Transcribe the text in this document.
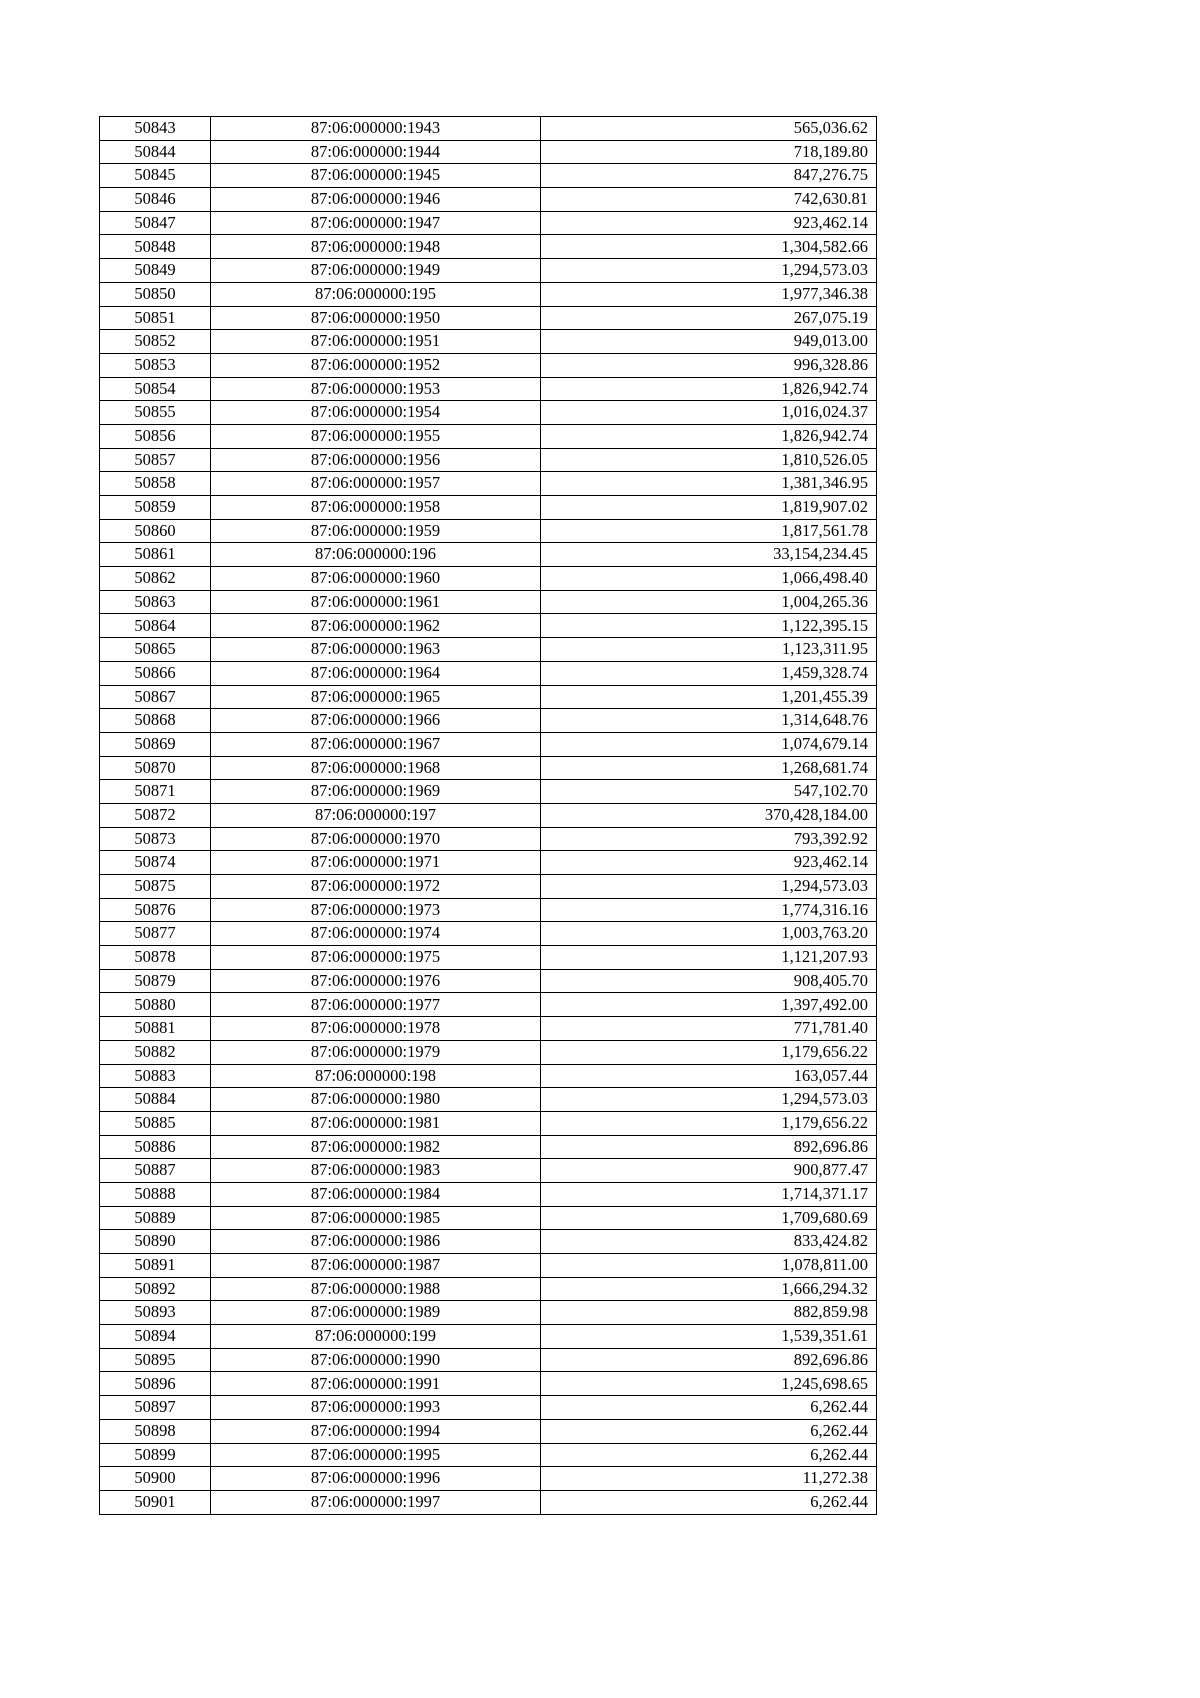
50843	87:06:000000:1943	565,036.62
50844	87:06:000000:1944	718,189.80
50845	87:06:000000:1945	847,276.75
50846	87:06:000000:1946	742,630.81
50847	87:06:000000:1947	923,462.14
50848	87:06:000000:1948	1,304,582.66
50849	87:06:000000:1949	1,294,573.03
50850	87:06:000000:195	1,977,346.38
50851	87:06:000000:1950	267,075.19
50852	87:06:000000:1951	949,013.00
50853	87:06:000000:1952	996,328.86
50854	87:06:000000:1953	1,826,942.74
50855	87:06:000000:1954	1,016,024.37
50856	87:06:000000:1955	1,826,942.74
50857	87:06:000000:1956	1,810,526.05
50858	87:06:000000:1957	1,381,346.95
50859	87:06:000000:1958	1,819,907.02
50860	87:06:000000:1959	1,817,561.78
50861	87:06:000000:196	33,154,234.45
50862	87:06:000000:1960	1,066,498.40
50863	87:06:000000:1961	1,004,265.36
50864	87:06:000000:1962	1,122,395.15
50865	87:06:000000:1963	1,123,311.95
50866	87:06:000000:1964	1,459,328.74
50867	87:06:000000:1965	1,201,455.39
50868	87:06:000000:1966	1,314,648.76
50869	87:06:000000:1967	1,074,679.14
50870	87:06:000000:1968	1,268,681.74
50871	87:06:000000:1969	547,102.70
50872	87:06:000000:197	370,428,184.00
50873	87:06:000000:1970	793,392.92
50874	87:06:000000:1971	923,462.14
50875	87:06:000000:1972	1,294,573.03
50876	87:06:000000:1973	1,774,316.16
50877	87:06:000000:1974	1,003,763.20
50878	87:06:000000:1975	1,121,207.93
50879	87:06:000000:1976	908,405.70
50880	87:06:000000:1977	1,397,492.00
50881	87:06:000000:1978	771,781.40
50882	87:06:000000:1979	1,179,656.22
50883	87:06:000000:198	163,057.44
50884	87:06:000000:1980	1,294,573.03
50885	87:06:000000:1981	1,179,656.22
50886	87:06:000000:1982	892,696.86
50887	87:06:000000:1983	900,877.47
50888	87:06:000000:1984	1,714,371.17
50889	87:06:000000:1985	1,709,680.69
50890	87:06:000000:1986	833,424.82
50891	87:06:000000:1987	1,078,811.00
50892	87:06:000000:1988	1,666,294.32
50893	87:06:000000:1989	882,859.98
50894	87:06:000000:199	1,539,351.61
50895	87:06:000000:1990	892,696.86
50896	87:06:000000:1991	1,245,698.65
50897	87:06:000000:1993	6,262.44
50898	87:06:000000:1994	6,262.44
50899	87:06:000000:1995	6,262.44
50900	87:06:000000:1996	11,272.38
50901	87:06:000000:1997	6,262.44
